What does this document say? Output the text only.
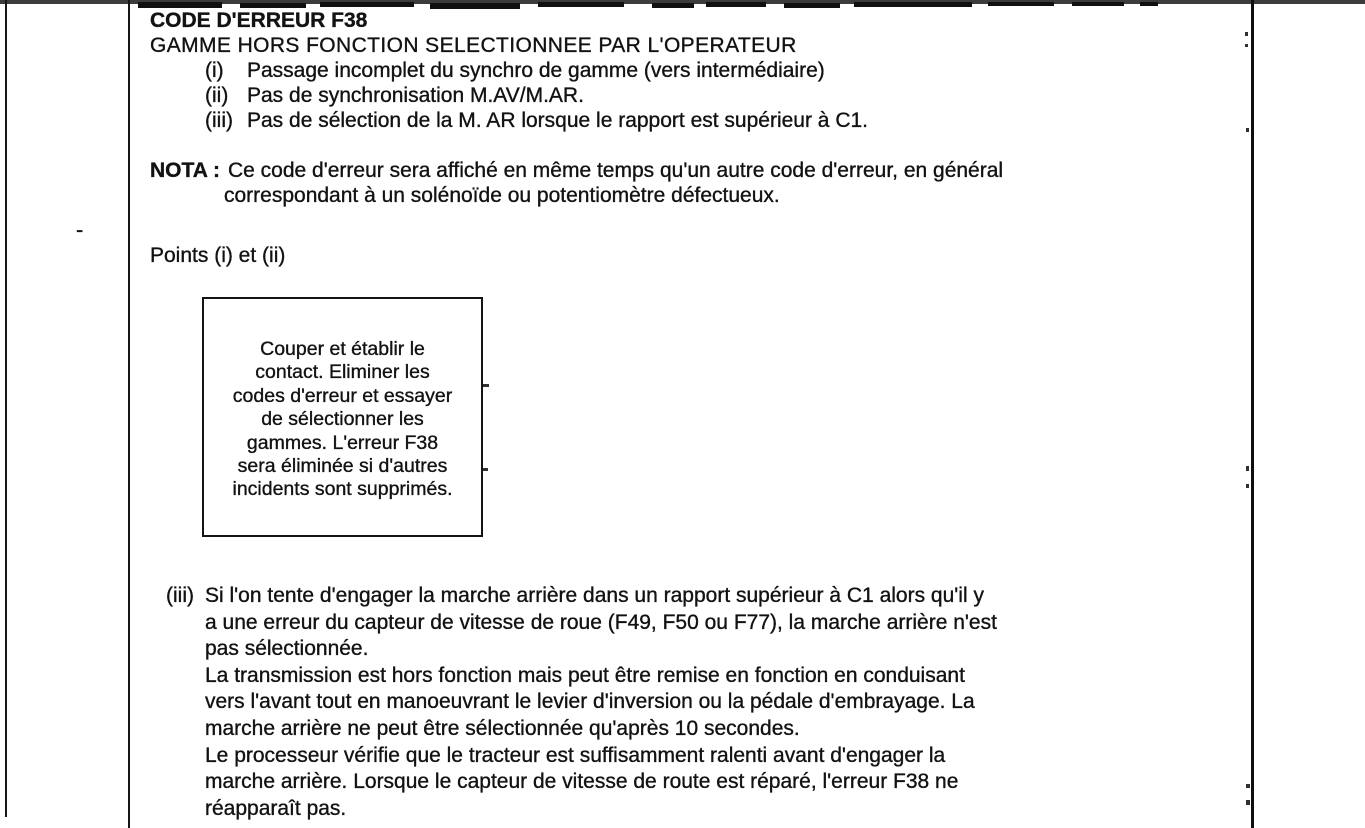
-
CODE D'ERREUR F38
GAMME HORS FONCTION SELECTIONNEE PAR L'OPERATEUR
(i)	Passage incomplet du synchro de gamme (vers intermédiaire)
(ii) Pas de synchronisation M.AV/M.AR.
(iii) Pas de sélection de la M. AR lorsque le rapport est supérieur à C1.
NOTA : Ce code d'erreur sera affiché en même temps qu'un autre code d'erreur, en général
correspondant à un solénoïde ou potentiomètre défectueux.
Points (i) et (ii)
Couper et établir le
contact. Eliminer les
codes d'erreur et essayer
de sélectionner les
gammes. L'erreur F38
sera éliminée si d'autres
incidents sont supprimés.
(iii) Si l'on tente d'engager la marche arrière dans un rapport supérieur à C1 alors qu'il y
a une erreur du capteur de vitesse de roue (F49, F50 ou F77), la marche arrière n'est
pas sélectionnée.
La transmission est hors fonction mais peut être remise en fonction en conduisant
vers l'avant tout en manoeuvrant le levier d'inversion ou la pédale d'embrayage. La
marche arrière ne peut être sélectionnée qu'après 10 secondes.
Le processeur vérifie que le tracteur est suffisamment ralenti avant d'engager la
marche arrière. Lorsque le capteur de vitesse de route est réparé, l'erreur F38 ne
réapparaît pas.
